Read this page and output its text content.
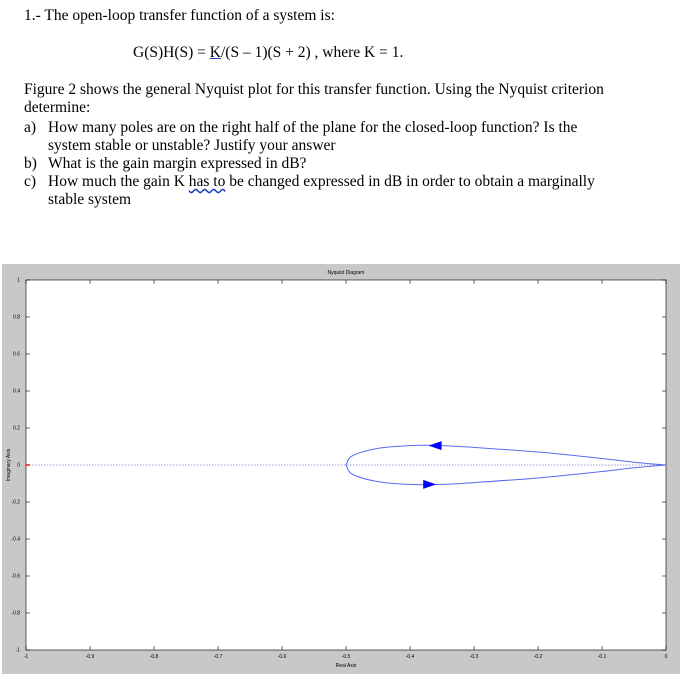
1.- The open-loop transfer function of a system is:
G(S)H(S) = K/(S – 1)(S + 2) , where K = 1.
Figure 2 shows the general Nyquist plot for this transfer function. Using the Nyquist criterion determine:
a) How many poles are on the right half of the plane for the closed-loop function? Is the system stable or unstable? Justify your answer
b) What is the gain margin expressed in dB?
c) How much the gain K has to be changed expressed in dB in order to obtain a marginally stable system
Nyquist Diagram
Real Axis
Imaginary Axis
-1	-0.9	-0.8	-0.7	-0.6	-0.5	-0.4	-0.3	-0.2	-0.1	0
-1
-0.8
-0.6
-0.4
-0.2
0
0.2
0.4
0.6
0.8
1
